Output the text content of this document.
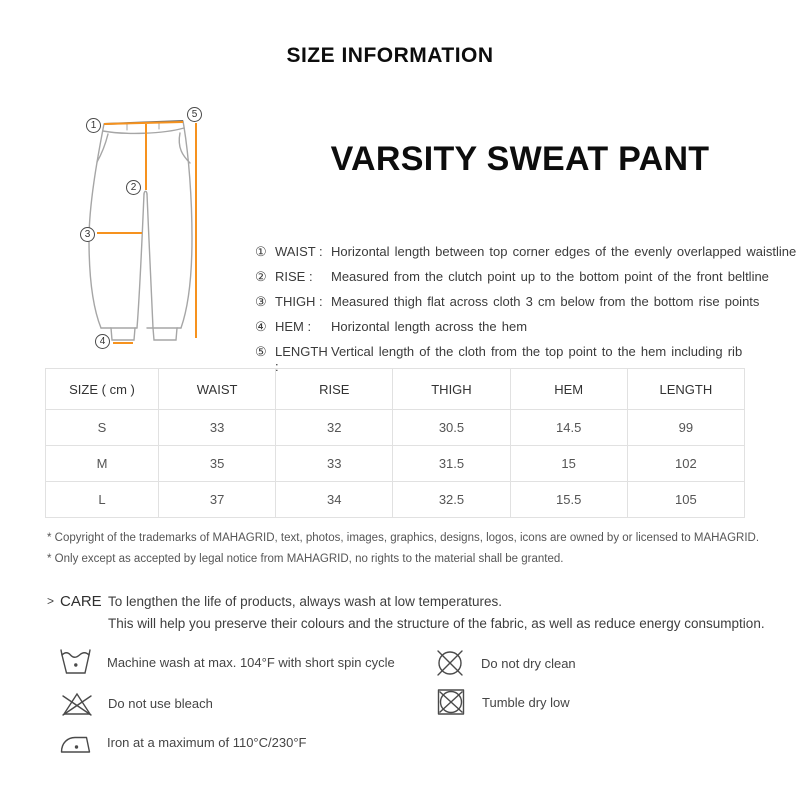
SIZE INFORMATION
1
2
3
4
5
VARSITY SWEAT PANT
① WAIST : Horizontal length between top corner edges of the evenly overlapped waistline
② RISE :	Measured from the clutch point up to the bottom point of the front beltline
③ THIGH : Measured thigh flat across cloth 3 cm below from the bottom rise points
④ HEM :	Horizontal length across the hem
⑤ LENGTH :
Vertical length of the cloth from the top point to the hem including rib
SIZE ( cm )	WAIST	RISE	THIGH	HEM	LENGTH
S	33	32	30.5	14.5	99
M	35	33	31.5	15	102
L	37	34	32.5	15.5	105
* Copyright of the trademarks of MAHAGRID, text, photos, images, graphics, designs, logos, icons are owned by or licensed to MAHAGRID.
* Only except as accepted by legal notice from MAHAGRID, no rights to the material shall be granted.
> CARE To lengthen the life of products, always wash at low temperatures.
This will help you preserve their colours and the structure of the fabric, as well as reduce energy consumption.
Machine wash at max. 104°F with short spin cycle
Do not use bleach
Iron at a maximum of 110°C/230°F
Do not dry clean
Tumble dry low
